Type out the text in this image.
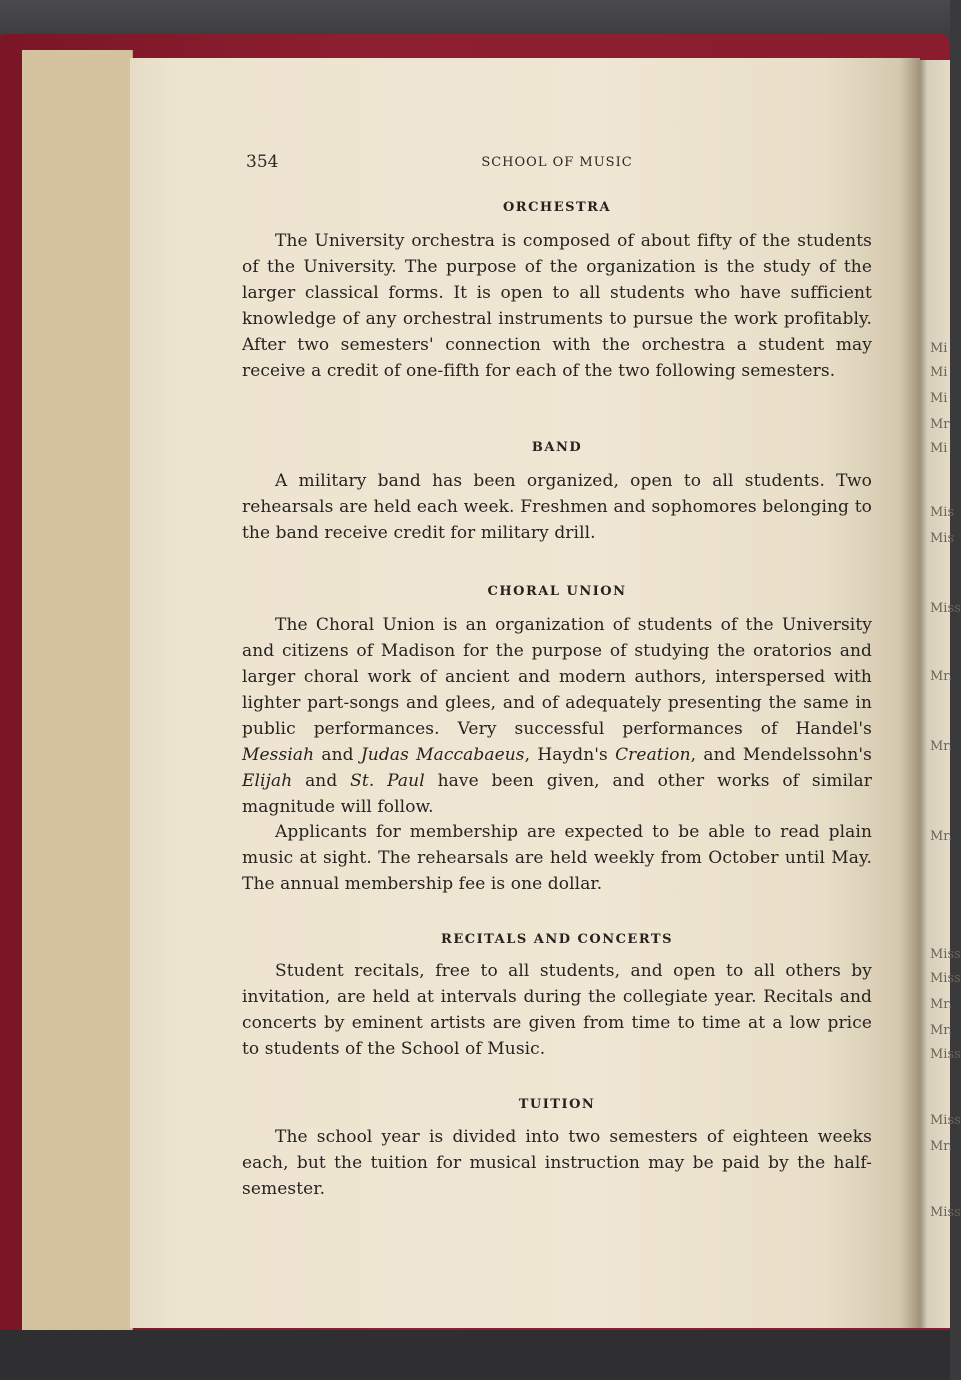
Mi
Mi
Mi
Mr
Mi
Mis
Mis
Miss
Mr.
Mr.
Mr.
Miss
Miss
Mr.
Mr.
Miss
Miss
Mr.
Miss
354	SCHOOL OF MUSIC
ORCHESTRA

The University orchestra is composed of about fifty of the students of the University. The purpose of the organization is the study of the larger classical forms. It is open to all students who have sufficient knowledge of any orchestral instruments to pursue the work profitably. After two semesters' connection with the orchestra a student may receive a credit of one-fifth for each of the two following semesters.

BAND

A military band has been organized, open to all students. Two rehearsals are held each week. Freshmen and sophomores belonging to the band receive credit for military drill.

CHORAL UNION

The Choral Union is an organization of students of the University and citizens of Madison for the purpose of studying the oratorios and larger choral work of ancient and modern authors, interspersed with lighter part-songs and glees, and of adequately presenting the same in public performances. Very successful performances of Handel's Messiah and Judas Maccabaeus, Haydn's Creation, and Mendelssohn's Elijah and St. Paul have been given, and other works of similar magnitude will follow.

Applicants for membership are expected to be able to read plain music at sight. The rehearsals are held weekly from October until May. The annual membership fee is one dollar.

RECITALS AND CONCERTS

Student recitals, free to all students, and open to all others by invitation, are held at intervals during the collegiate year. Recitals and concerts by eminent artists are given from time to time at a low price to students of the School of Music.

TUITION

The school year is divided into two semesters of eighteen weeks each, but the tuition for musical instruction may be paid by the half-semester.
